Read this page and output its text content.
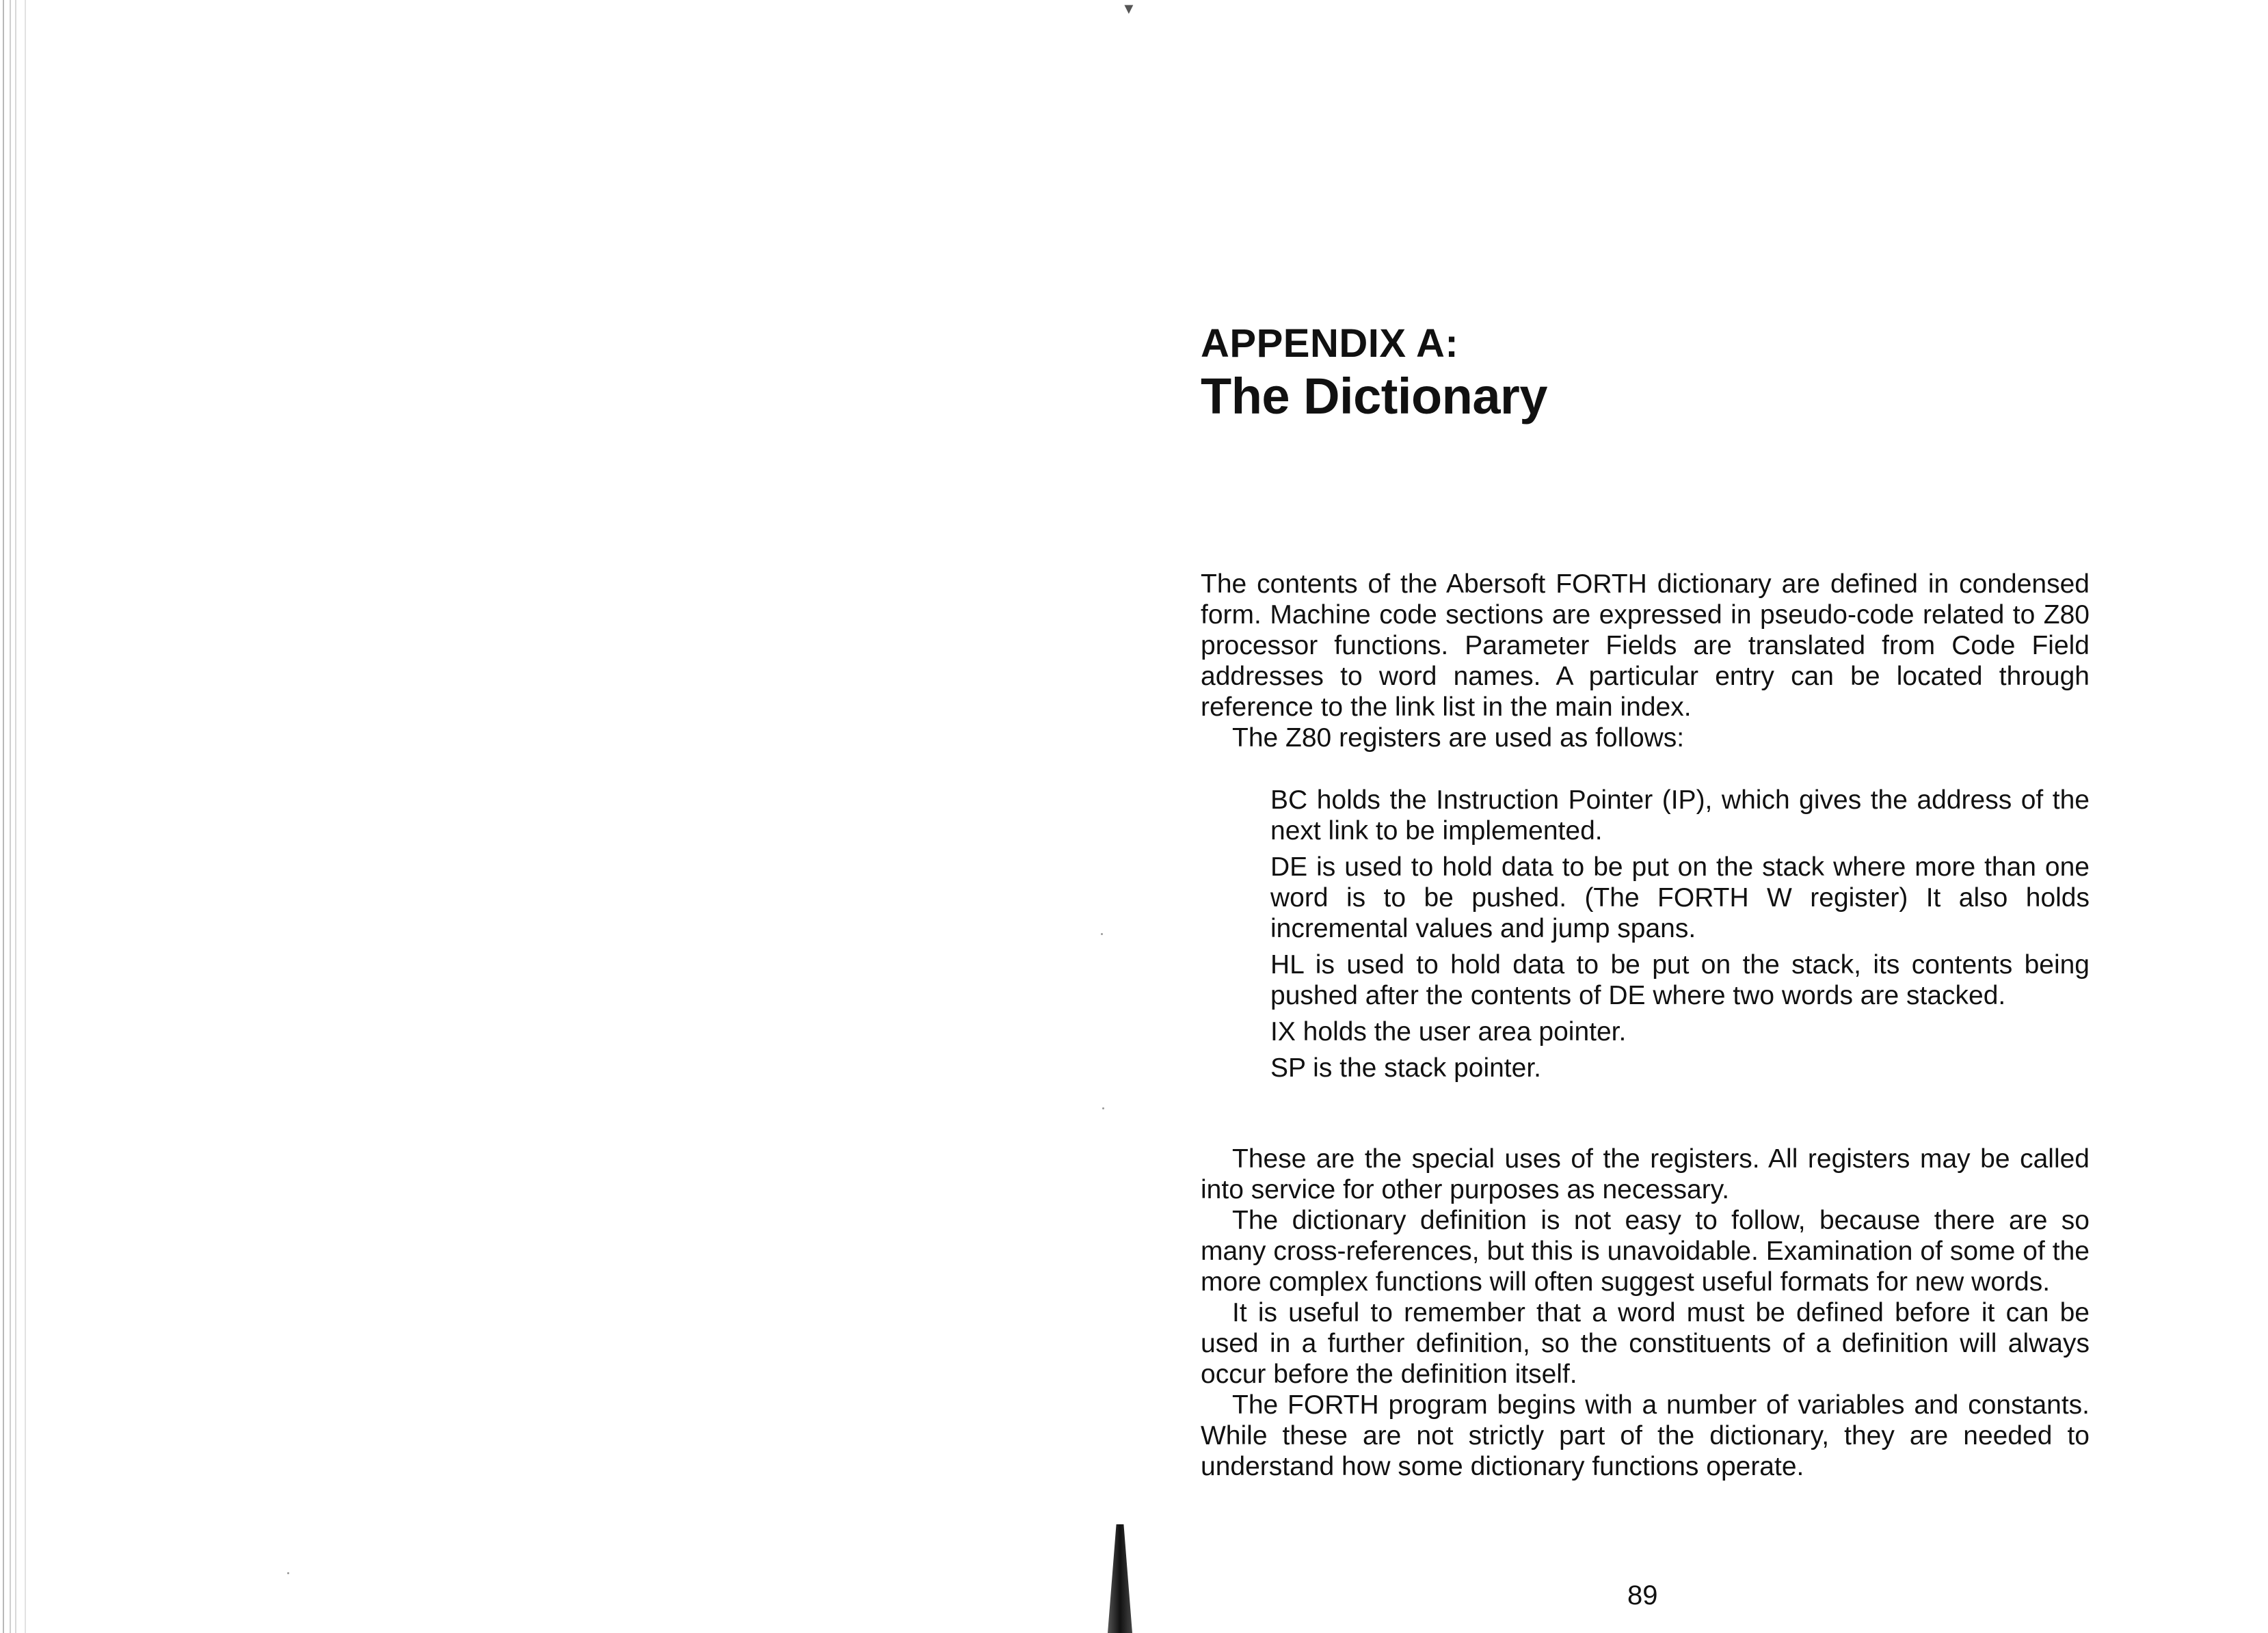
▼
APPENDIX A:
The Dictionary

The contents of the Abersoft FORTH dictionary are defined in condensed form. Machine code sections are expressed in pseudo-code related to Z80 processor functions. Parameter Fields are translated from Code Field addresses to word names. A particular entry can be located through reference to the link list in the main index.

The Z80 registers are used as follows:

BC holds the Instruction Pointer (IP), which gives the address of the next link to be implemented.
DE is used to hold data to be put on the stack where more than one word is to be pushed. (The FORTH W register) It also holds incremental values and jump spans.
HL is used to hold data to be put on the stack, its contents being pushed after the contents of DE where two words are stacked.
IX holds the user area pointer.
SP is the stack pointer.

These are the special uses of the registers. All registers may be called into service for other purposes as necessary.

The dictionary definition is not easy to follow, because there are so many cross-references, but this is unavoidable. Examination of some of the more complex functions will often suggest useful formats for new words.

It is useful to remember that a word must be defined before it can be used in a further definition, so the constituents of a definition will always occur before the definition itself.

The FORTH program begins with a number of variables and constants. While these are not strictly part of the dictionary, they are needed to understand how some dictionary functions operate.

89
